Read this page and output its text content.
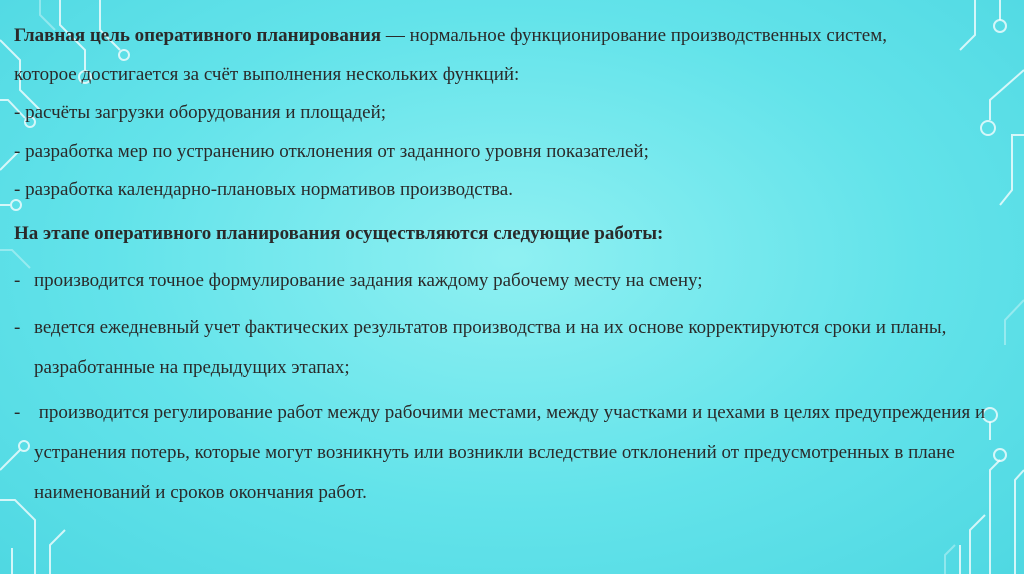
Главная цель оперативного планирования — нормальное функционирование производственных систем,
которое достигается за счёт выполнения нескольких функций:
- расчёты загрузки оборудования и площадей;
- разработка мер по устранению отклонения от заданного уровня показателей;
- разработка календарно-плановых нормативов производства.

На этапе оперативного планирования осуществляются следующие работы:

- производится точное формулирование задания каждому рабочему месту на смену;
- ведется ежедневный учет фактических результатов производства и на их основе корректируются сроки и планы, разработанные на предыдущих этапах;
- производится регулирование работ между рабочими местами, между участками и цехами в целях предупреждения и устранения потерь, которые могут возникнуть или возникли вследствие отклонений от предусмотренных в плане наименований и сроков окончания работ.
